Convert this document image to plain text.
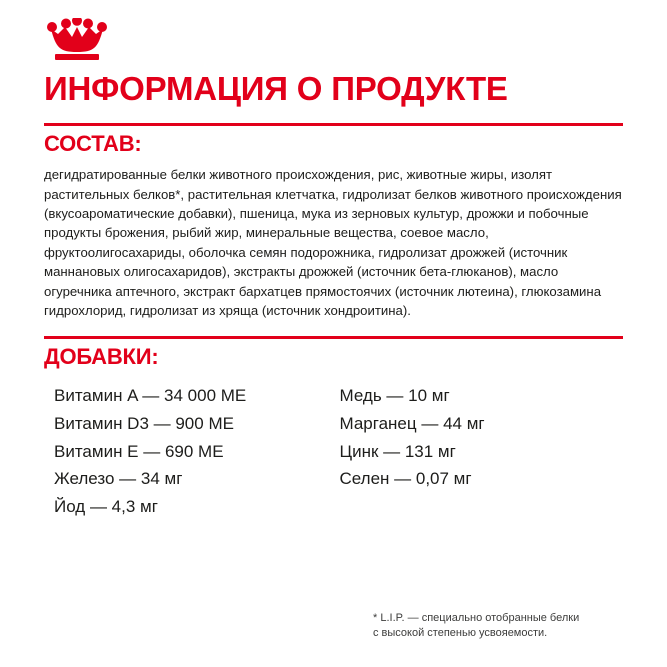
ИНФОРМАЦИЯ О ПРОДУКТЕ
СОСТАВ:

дегидратированные белки животного происхождения, рис, животные жиры, изолят растительных белков*, растительная клетчатка, гидролизат белков животного происхождения (вкусоароматические добавки), пшеница, мука из зерновых культур, дрожжи и побочные продукты брожения, рыбий жир, минеральные вещества, соевое масло, фруктоолигосахариды, оболочка семян подорожника, гидролизат дрожжей (источник маннановых олигосахаридов), экстракты дрожжей (источник бета-глюканов), масло огуречника аптечного, экстракт бархатцев прямостоячих (источник лютеина), глюкозамина гидрохлорид, гидролизат из хряща (источник хондроитина).

ДОБАВКИ:
Витамин A — 34 000 МЕ
Витамин D3 — 900 МЕ
Витамин E — 690 МЕ
Железо — 34 мг
Йод — 4,3 мг
Медь — 10 мг
Марганец — 44 мг
Цинк — 131 мг
Селен — 0,07 мг
* L.I.P. — специально отобранные белки
с высокой степенью усвояемости.
